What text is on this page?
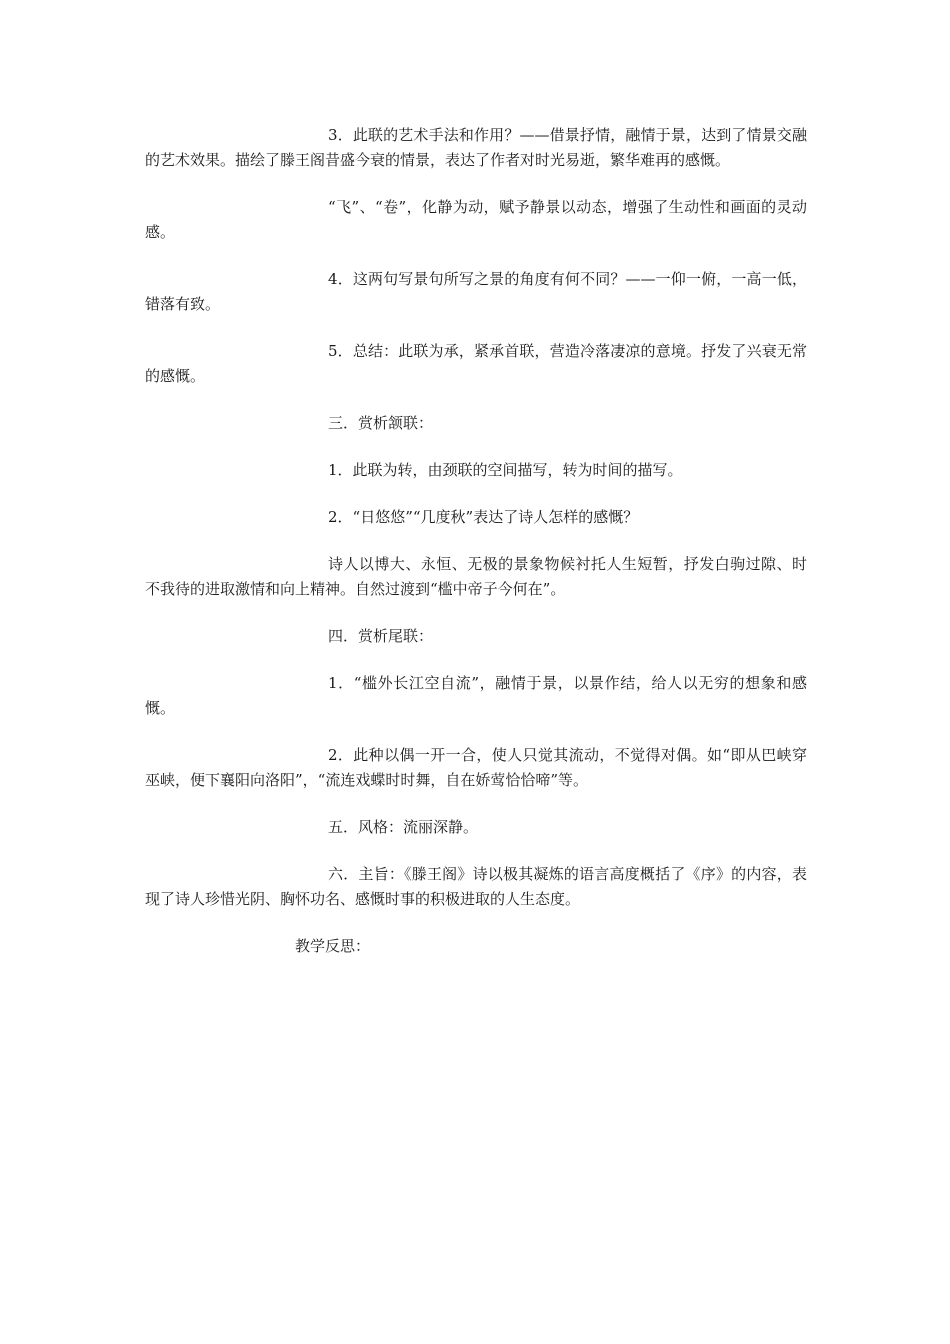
3．此联的艺术手法和作用？——借景抒情，融情于景，达到了情景交融的艺术效果。描绘了滕王阁昔盛今衰的情景，表达了作者对时光易逝，繁华难再的感慨。

“飞”、“卷”，化静为动，赋予静景以动态，增强了生动性和画面的灵动感。

4．这两句写景句所写之景的角度有何不同？——一仰一俯，一高一低，错落有致。

5．总结：此联为承，紧承首联，营造冷落凄凉的意境。抒发了兴衰无常的感慨。

三．赏析颔联：

1．此联为转，由颈联的空间描写，转为时间的描写。

2．“日悠悠”“几度秋”表达了诗人怎样的感慨？

诗人以博大、永恒、无极的景象物候衬托人生短暂，抒发白驹过隙、时不我待的进取激情和向上精神。自然过渡到“槛中帝子今何在”。

四．赏析尾联：

1．“槛外长江空自流”，融情于景，以景作结，给人以无穷的想象和感慨。

2．此种以偶一开一合，使人只觉其流动，不觉得对偶。如“即从巴峡穿巫峡，便下襄阳向洛阳”，“流连戏蝶时时舞，自在娇莺恰恰啼”等。

五．风格：流丽深静。

六．主旨：《滕王阁》诗以极其凝炼的语言高度概括了《序》的内容，表现了诗人珍惜光阴、胸怀功名、感慨时事的积极进取的人生态度。

教学反思：
